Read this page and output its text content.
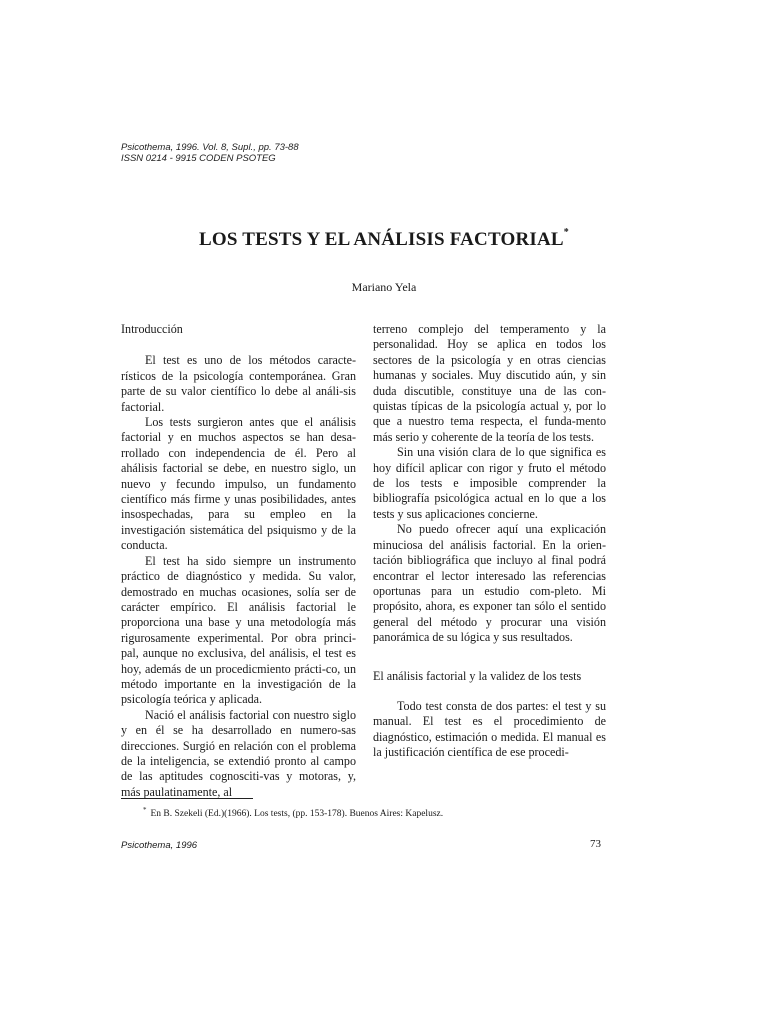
Psicothema, 1996. Vol. 8, Supl., pp. 73-88
ISSN 0214 - 9915 CODEN PSOTEG
LOS TESTS Y EL ANÁLISIS FACTORIAL*
Mariano Yela
Introducción

El test es uno de los métodos caracte-rísticos de la psicología contemporánea. Gran parte de su valor científico lo debe al análi-sis factorial.

Los tests surgieron antes que el análisis factorial y en muchos aspectos se han desa-rrollado con independencia de él. Pero al ahálisis factorial se debe, en nuestro siglo, un nuevo y fecundo impulso, un fundamento científico más firme y unas posibilidades, antes insospechadas, para su empleo en la investigación sistemática del psiquismo y de la conducta.

El test ha sido siempre un instrumento práctico de diagnóstico y medida. Su valor, demostrado en muchas ocasiones, solía ser de carácter empírico. El análisis factorial le proporciona una base y una metodología más rigurosamente experimental. Por obra princi-pal, aunque no exclusiva, del análisis, el test es hoy, además de un procedicmiento prácti-co, un método importante en la investigación de la psicología teórica y aplicada.

Nació el análisis factorial con nuestro siglo y en él se ha desarrollado en numero-sas direcciones. Surgió en relación con el problema de la inteligencia, se extendió pronto al campo de las aptitudes cognosciti-vas y motoras, y, más paulatinamente, al

terreno complejo del temperamento y la personalidad. Hoy se aplica en todos los sectores de la psicología y en otras ciencias humanas y sociales. Muy discutido aún, y sin duda discutible, constituye una de las con-quistas típicas de la psicología actual y, por lo que a nuestro tema respecta, el funda-mento más serio y coherente de la teoría de los tests.

Sin una visión clara de lo que significa es hoy difícil aplicar con rigor y fruto el método de los tests e imposible comprender la bibliografía psicológica actual en lo que a los tests y sus aplicaciones concierne.

No puedo ofrecer aquí una explicación minuciosa del análisis factorial. En la orien-tación bibliográfica que incluyo al final podrá encontrar el lector interesado las referencias oportunas para un estudio com-pleto. Mi propósito, ahora, es exponer tan sólo el sentido general del método y procurar una visión panorámica de su lógica y sus resultados.

El análisis factorial y la validez de los tests

Todo test consta de dos partes: el test y su manual. El test es el procedimiento de diagnóstico, estimación o medida. El manual es la justificación científica de ese procedi-

* En B. Szekeli (Ed.)(1966). Los tests, (pp. 153-178). Buenos Aires: Kapelusz.
Psicothema, 1996	73
